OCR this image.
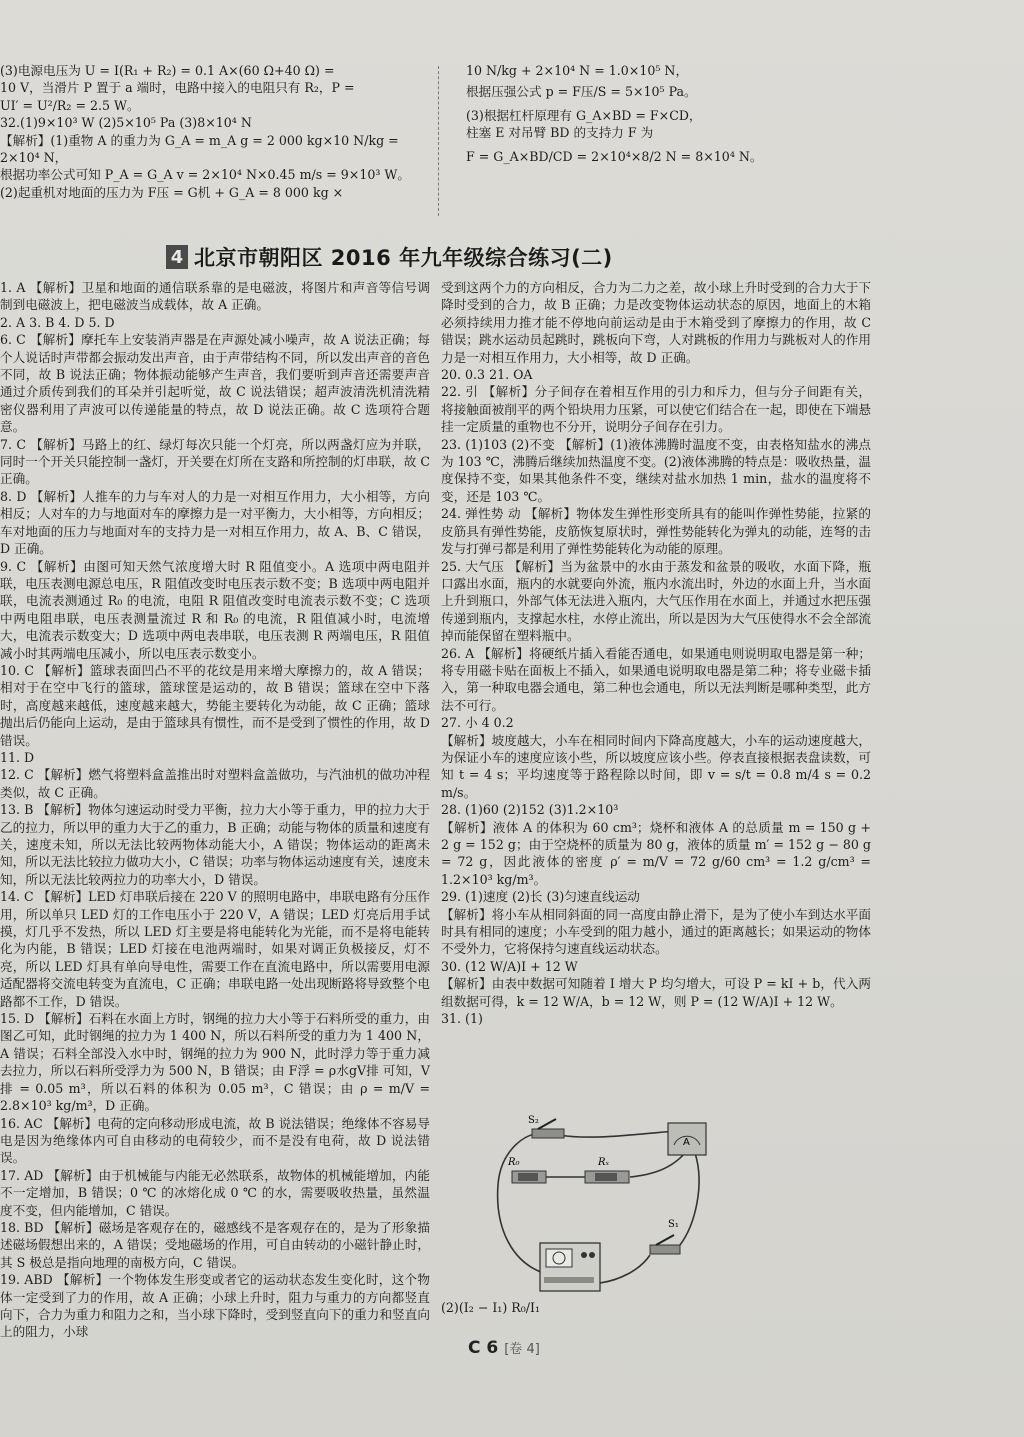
(3)电源电压为 U = I(R₁ + R₂) = 0.1 A×(60 Ω+40 Ω) =

10 V，当滑片 P 置于 a 端时，电路中接入的电阻只有 R₂，P =

UI′ = U²/R₂ = 2.5 W。

32.(1)9×10³ W (2)5×10⁵ Pa (3)8×10⁴ N

【解析】(1)重物 A 的重力为 G_A = m_A g = 2 000 kg×10 N/kg =

2×10⁴ N，

根据功率公式可知 P_A = G_A v = 2×10⁴ N×0.45 m/s = 9×10³ W。

(2)起重机对地面的压力为 F压 = G机 + G_A = 8 000 kg ×

10 N/kg + 2×10⁴ N = 1.0×10⁵ N，

根据压强公式 p = F压/S = 5×10⁵ Pa。

(3)根据杠杆原理有 G_A×BD = F×CD，

柱塞 E 对吊臂 BD 的支持力 F 为

F = G_A×BD/CD = 2×10⁴×8/2 N = 8×10⁴ N。

4 北京市朝阳区 2016 年九年级综合练习(二)

1. A 【解析】卫星和地面的通信联系靠的是电磁波，将图片和声音等信号调制到电磁波上，把电磁波当成载体，故 A 正确。

2. A 3. B 4. D 5. D

6. C 【解析】摩托车上安装消声器是在声源处减小噪声，故 A 说法正确；每个人说话时声带都会振动发出声音，由于声带结构不同，所以发出声音的音色不同，故 B 说法正确；物体振动能够产生声音，我们要听到声音还需要声音通过介质传到我们的耳朵并引起听觉，故 C 说法错误；超声波清洗机清洗精密仪器利用了声波可以传递能量的特点，故 D 说法正确。故 C 选项符合题意。

7. C 【解析】马路上的红、绿灯每次只能一个灯亮，所以两盏灯应为并联，同时一个开关只能控制一盏灯，开关要在灯所在支路和所控制的灯串联，故 C 正确。

8. D 【解析】人推车的力与车对人的力是一对相互作用力，大小相等，方向相反；人对车的力与地面对车的摩擦力是一对平衡力，大小相等，方向相反；车对地面的压力与地面对车的支持力是一对相互作用力，故 A、B、C 错误，D 正确。

9. C 【解析】由图可知天然气浓度增大时 R 阻值变小。A 选项中两电阻并联，电压表测电源总电压，R 阻值改变时电压表示数不变；B 选项中两电阻并联，电流表测通过 R₀ 的电流，电阻 R 阻值改变时电流表示数不变；C 选项中两电阻串联，电压表测量流过 R 和 R₀ 的电流，R 阻值减小时，电流增大，电流表示数变大；D 选项中两电表串联，电压表测 R 两端电压，R 阻值减小时其两端电压减小，所以电压表示数变小。

10. C 【解析】篮球表面凹凸不平的花纹是用来增大摩擦力的，故 A 错误；相对于在空中飞行的篮球，篮球筐是运动的，故 B 错误；篮球在空中下落时，高度越来越低，速度越来越大，势能主要转化为动能，故 C 正确；篮球抛出后仍能向上运动，是由于篮球具有惯性，而不是受到了惯性的作用，故 D 错误。

11. D

12. C 【解析】燃气将塑料盒盖推出时对塑料盒盖做功，与汽油机的做功冲程类似，故 C 正确。

13. B 【解析】物体匀速运动时受力平衡，拉力大小等于重力，甲的拉力大于乙的拉力，所以甲的重力大于乙的重力，B 正确；动能与物体的质量和速度有关，速度未知，所以无法比较两物体动能大小，A 错误；物体运动的距离未知，所以无法比较拉力做功大小，C 错误；功率与物体运动速度有关，速度未知，所以无法比较两拉力的功率大小，D 错误。

14. C 【解析】LED 灯串联后接在 220 V 的照明电路中，串联电路有分压作用，所以单只 LED 灯的工作电压小于 220 V，A 错误；LED 灯亮后用手试摸，灯几乎不发热，所以 LED 灯主要是将电能转化为光能，而不是将电能转化为内能，B 错误；LED 灯接在电池两端时，如果对调正负极接反，灯不亮，所以 LED 灯具有单向导电性，需要工作在直流电路中，所以需要用电源适配器将交流电转变为直流电，C 正确；串联电路一处出现断路将导致整个电路都不工作，D 错误。

15. D 【解析】石料在水面上方时，钢绳的拉力大小等于石料所受的重力，由图乙可知，此时钢绳的拉力为 1 400 N，所以石料所受的重力为 1 400 N，A 错误；石料全部没入水中时，钢绳的拉力为 900 N，此时浮力等于重力减去拉力，所以石料所受浮力为 500 N，B 错误；由 F浮 = ρ水gV排 可知，V排 = 0.05 m³，所以石料的体积为 0.05 m³，C 错误；由 ρ = m/V = 2.8×10³ kg/m³，D 正确。

16. AC 【解析】电荷的定向移动形成电流，故 B 说法错误；绝缘体不容易导电是因为绝缘体内可自由移动的电荷较少，而不是没有电荷，故 D 说法错误。

17. AD 【解析】由于机械能与内能无必然联系，故物体的机械能增加，内能不一定增加，B 错误；0 ℃ 的冰熔化成 0 ℃ 的水，需要吸收热量，虽然温度不变，但内能增加，C 错误。

18. BD 【解析】磁场是客观存在的，磁感线不是客观存在的，是为了形象描述磁场假想出来的，A 错误；受地磁场的作用，可自由转动的小磁针静止时，其 S 极总是指向地理的南极方向，C 错误。

19. ABD 【解析】一个物体发生形变或者它的运动状态发生变化时，这个物体一定受到了力的作用，故 A 正确；小球上升时，阻力与重力的方向都竖直向下，合力为重力和阻力之和，当小球下降时，受到竖直向下的重力和竖直向上的阻力，小球

受到这两个力的方向相反，合力为二力之差，故小球上升时受到的合力大于下降时受到的合力，故 B 正确；力是改变物体运动状态的原因，地面上的木箱必须持续用力推才能不停地向前运动是由于木箱受到了摩擦力的作用，故 C 错误；跳水运动员起跳时，跳板向下弯，人对跳板的作用力与跳板对人的作用力是一对相互作用力，大小相等，故 D 正确。

20. 0.3 21. OA

22. 引 【解析】分子间存在着相互作用的引力和斥力，但与分子间距有关，将接触面被削平的两个铅块用力压紧，可以使它们结合在一起，即使在下端悬挂一定质量的重物也不分开，说明分子间存在引力。

23. (1)103 (2)不变 【解析】(1)液体沸腾时温度不变，由表格知盐水的沸点为 103 ℃，沸腾后继续加热温度不变。(2)液体沸腾的特点是：吸收热量，温度保持不变，如果其他条件不变，继续对盐水加热 1 min，盐水的温度将不变，还是 103 ℃。

24. 弹性势 动 【解析】物体发生弹性形变所具有的能叫作弹性势能，拉紧的皮筋具有弹性势能，皮筋恢复原状时，弹性势能转化为弹丸的动能，连弩的击发与打弹弓都是利用了弹性势能转化为动能的原理。

25. 大气压 【解析】当为盆景中的水由于蒸发和盆景的吸收，水面下降，瓶口露出水面，瓶内的水就要向外流，瓶内水流出时，外边的水面上升，当水面上升到瓶口，外部气体无法进入瓶内，大气压作用在水面上，并通过水把压强传递到瓶内，支撑起水柱，水停止流出，所以是因为大气压使得水不会全部流掉而能保留在塑料瓶中。

26. A 【解析】将硬纸片插入看能否通电，如果通电则说明取电器是第一种；将专用磁卡贴在面板上不插入，如果通电说明取电器是第二种；将专业磁卡插入，第一种取电器会通电，第二种也会通电，所以无法判断是哪种类型，此方法不可行。

27. 小 4 0.2

【解析】坡度越大，小车在相同时间内下降高度越大，小车的运动速度越大，为保证小车的速度应该小些，所以坡度应该小些。停表直接根据表盘读数，可知 t = 4 s；平均速度等于路程除以时间，即 v = s/t = 0.8 m/4 s = 0.2 m/s。

28. (1)60 (2)152 (3)1.2×10³

【解析】液体 A 的体积为 60 cm³；烧杯和液体 A 的总质量 m = 150 g + 2 g = 152 g；由于空烧杯的质量为 80 g，液体的质量 m′ = 152 g − 80 g = 72 g，因此液体的密度 ρ′ = m/V = 72 g/60 cm³ = 1.2 g/cm³ = 1.2×10³ kg/m³。

29. (1)速度 (2)长 (3)匀速直线运动

【解析】将小车从相同斜面的同一高度由静止滑下，是为了使小车到达水平面时具有相同的速度；小车受到的阻力越小，通过的距离越长；如果运动的物体不受外力，它将保持匀速直线运动状态。

30. (12 W/A)I + 12 W

【解析】由表中数据可知随着 I 增大 P 均匀增大，可设 P = kI + b，代入两组数据可得，k = 12 W/A，b = 12 W，则 P = (12 W/A)I + 12 W。

31. (1)

S₂
R₀	Rₓ
A
S₁
(2)(I₂ − I₁) R₀/I₁
C 6 [卷 4]
